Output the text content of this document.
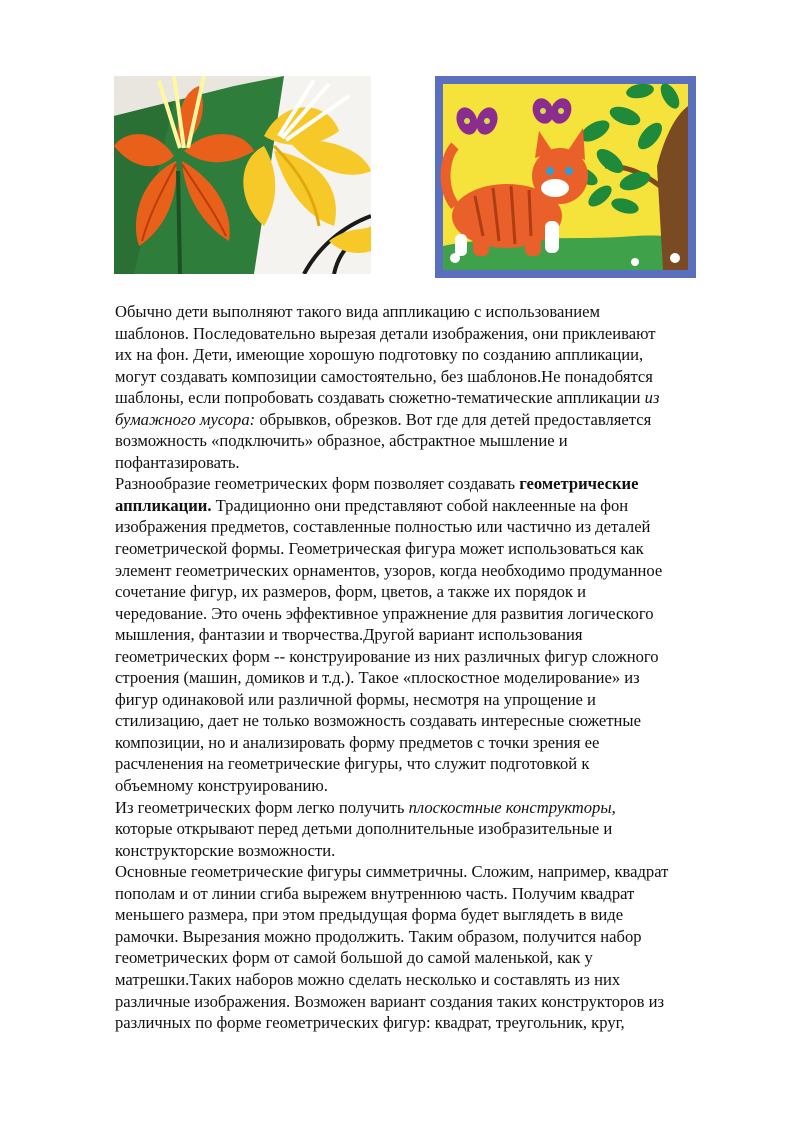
Обычно дети выполняют такого вида аппликацию с использованием
шаблонов. Последовательно вырезая детали изображения, они приклеивают
их на фон. Дети, имеющие хорошую подготовку по созданию аппликации,
могут создавать композиции самостоятельно, без шаблонов.Не понадобятся
шаблоны, если попробовать создавать сюжетно-тематические аппликации из
бумажного мусора: обрывков, обрезков. Вот где для детей предоставляется
возможность «подключить» образное, абстрактное мышление и
пофантазировать.
Разнообразие геометрических форм позволяет создавать геометрические
аппликации. Традиционно они представляют собой наклеенные на фон
изображения предметов, составленные полностью или частично из деталей
геометрической формы. Геометрическая фигура может использоваться как
элемент геометрических орнаментов, узоров, когда необходимо продуманное
сочетание фигур, их размеров, форм, цветов, а также их порядок и
чередование. Это очень эффективное упражнение для развития логического
мышления, фантазии и творчества.Другой вариант использования
геометрических форм -- конструирование из них различных фигур сложного
строения (машин, домиков и т.д.). Такое «плоскостное моделирование» из
фигур одинаковой или различной формы, несмотря на упрощение и
стилизацию, дает не только возможность создавать интересные сюжетные
композиции, но и анализировать форму предметов с точки зрения ее
расчленения на геометрические фигуры, что служит подготовкой к
объемному конструированию.
Из геометрических форм легко получить плоскостные конструкторы,
которые открывают перед детьми дополнительные изобразительные и
конструкторские возможности.
Основные геометрические фигуры симметричны. Сложим, например, квадрат
пополам и от линии сгиба вырежем внутреннюю часть. Получим квадрат
меньшего размера, при этом предыдущая форма будет выглядеть в виде
рамочки. Вырезания можно продолжить. Таким образом, получится набор
геометрических форм от самой большой до самой маленькой, как у
матрешки.Таких наборов можно сделать несколько и составлять из них
различные изображения. Возможен вариант создания таких конструкторов из
различных по форме геометрических фигур: квадрат, треугольник, круг,
